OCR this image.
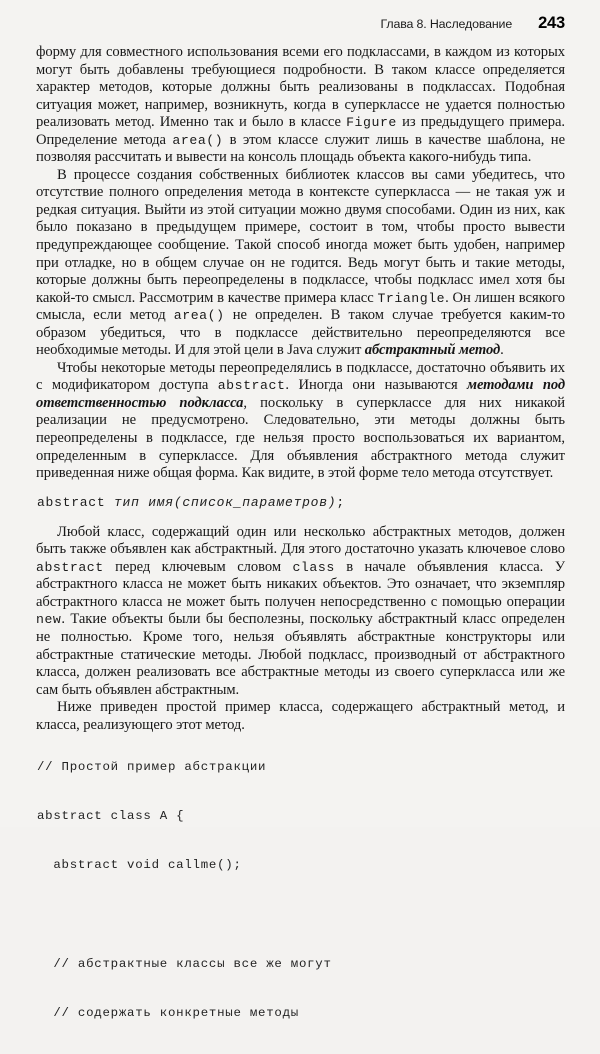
Глава 8. Наследование 243

форму для совместного использования всеми его подклассами, в каждом из которых могут быть добавлены требующиеся подробности. В таком классе определяется характер методов, которые должны быть реализованы в подклассах. Подобная ситуация может, например, возникнуть, когда в суперклассе не удается полностью реализовать метод. Именно так и было в классе Figure из предыдущего примера. Определение метода area() в этом классе служит лишь в качестве шаблона, не позволяя рассчитать и вывести на консоль площадь объекта какого-нибудь типа.

В процессе создания собственных библиотек классов вы сами убедитесь, что отсутствие полного определения метода в контексте суперкласса — не такая уж и редкая ситуация. Выйти из этой ситуации можно двумя способами. Один из них, как было показано в предыдущем примере, состоит в том, чтобы просто вывести предупреждающее сообщение. Такой способ иногда может быть удобен, например при отладке, но в общем случае он не годится. Ведь могут быть и такие методы, которые должны быть переопределены в подклассе, чтобы подкласс имел хотя бы какой-то смысл. Рассмотрим в качестве примера класс Triangle. Он лишен всякого смысла, если метод area() не определен. В таком случае требуется каким-то образом убедиться, что в подклассе действительно переопределяются все необходимые методы. И для этой цели в Java служит абстрактный метод.

Чтобы некоторые методы переопределялись в подклассе, достаточно объявить их с модификатором доступа abstract. Иногда они называются методами под ответственностью подкласса, поскольку в суперклассе для них никакой реализации не предусмотрено. Следовательно, эти методы должны быть переопределены в подклассе, где нельзя просто воспользоваться их вариантом, определенным в суперклассе. Для объявления абстрактного метода служит приведенная ниже общая форма. Как видите, в этой форме тело метода отсутствует.

abstract тип имя(список_параметров);

Любой класс, содержащий один или несколько абстрактных методов, должен быть также объявлен как абстрактный. Для этого достаточно указать ключевое слово abstract перед ключевым словом class в начале объявления класса. У абстрактного класса не может быть никаких объектов. Это означает, что экземпляр абстрактного класса не может быть получен непосредственно с помощью операции new. Такие объекты были бы бесполезны, поскольку абстрактный класс определен не полностью. Кроме того, нельзя объявлять абстрактные конструкторы или абстрактные статические методы. Любой подкласс, производный от абстрактного класса, должен реализовать все абстрактные методы из своего суперкласса или же сам быть объявлен абстрактным.

Ниже приведен простой пример класса, содержащего абстрактный метод, и класса, реализующего этот метод.

// Простой пример абстракции

abstract class A {

abstract void callme();

// абстрактные классы все же могут

// содержать конкретные методы
